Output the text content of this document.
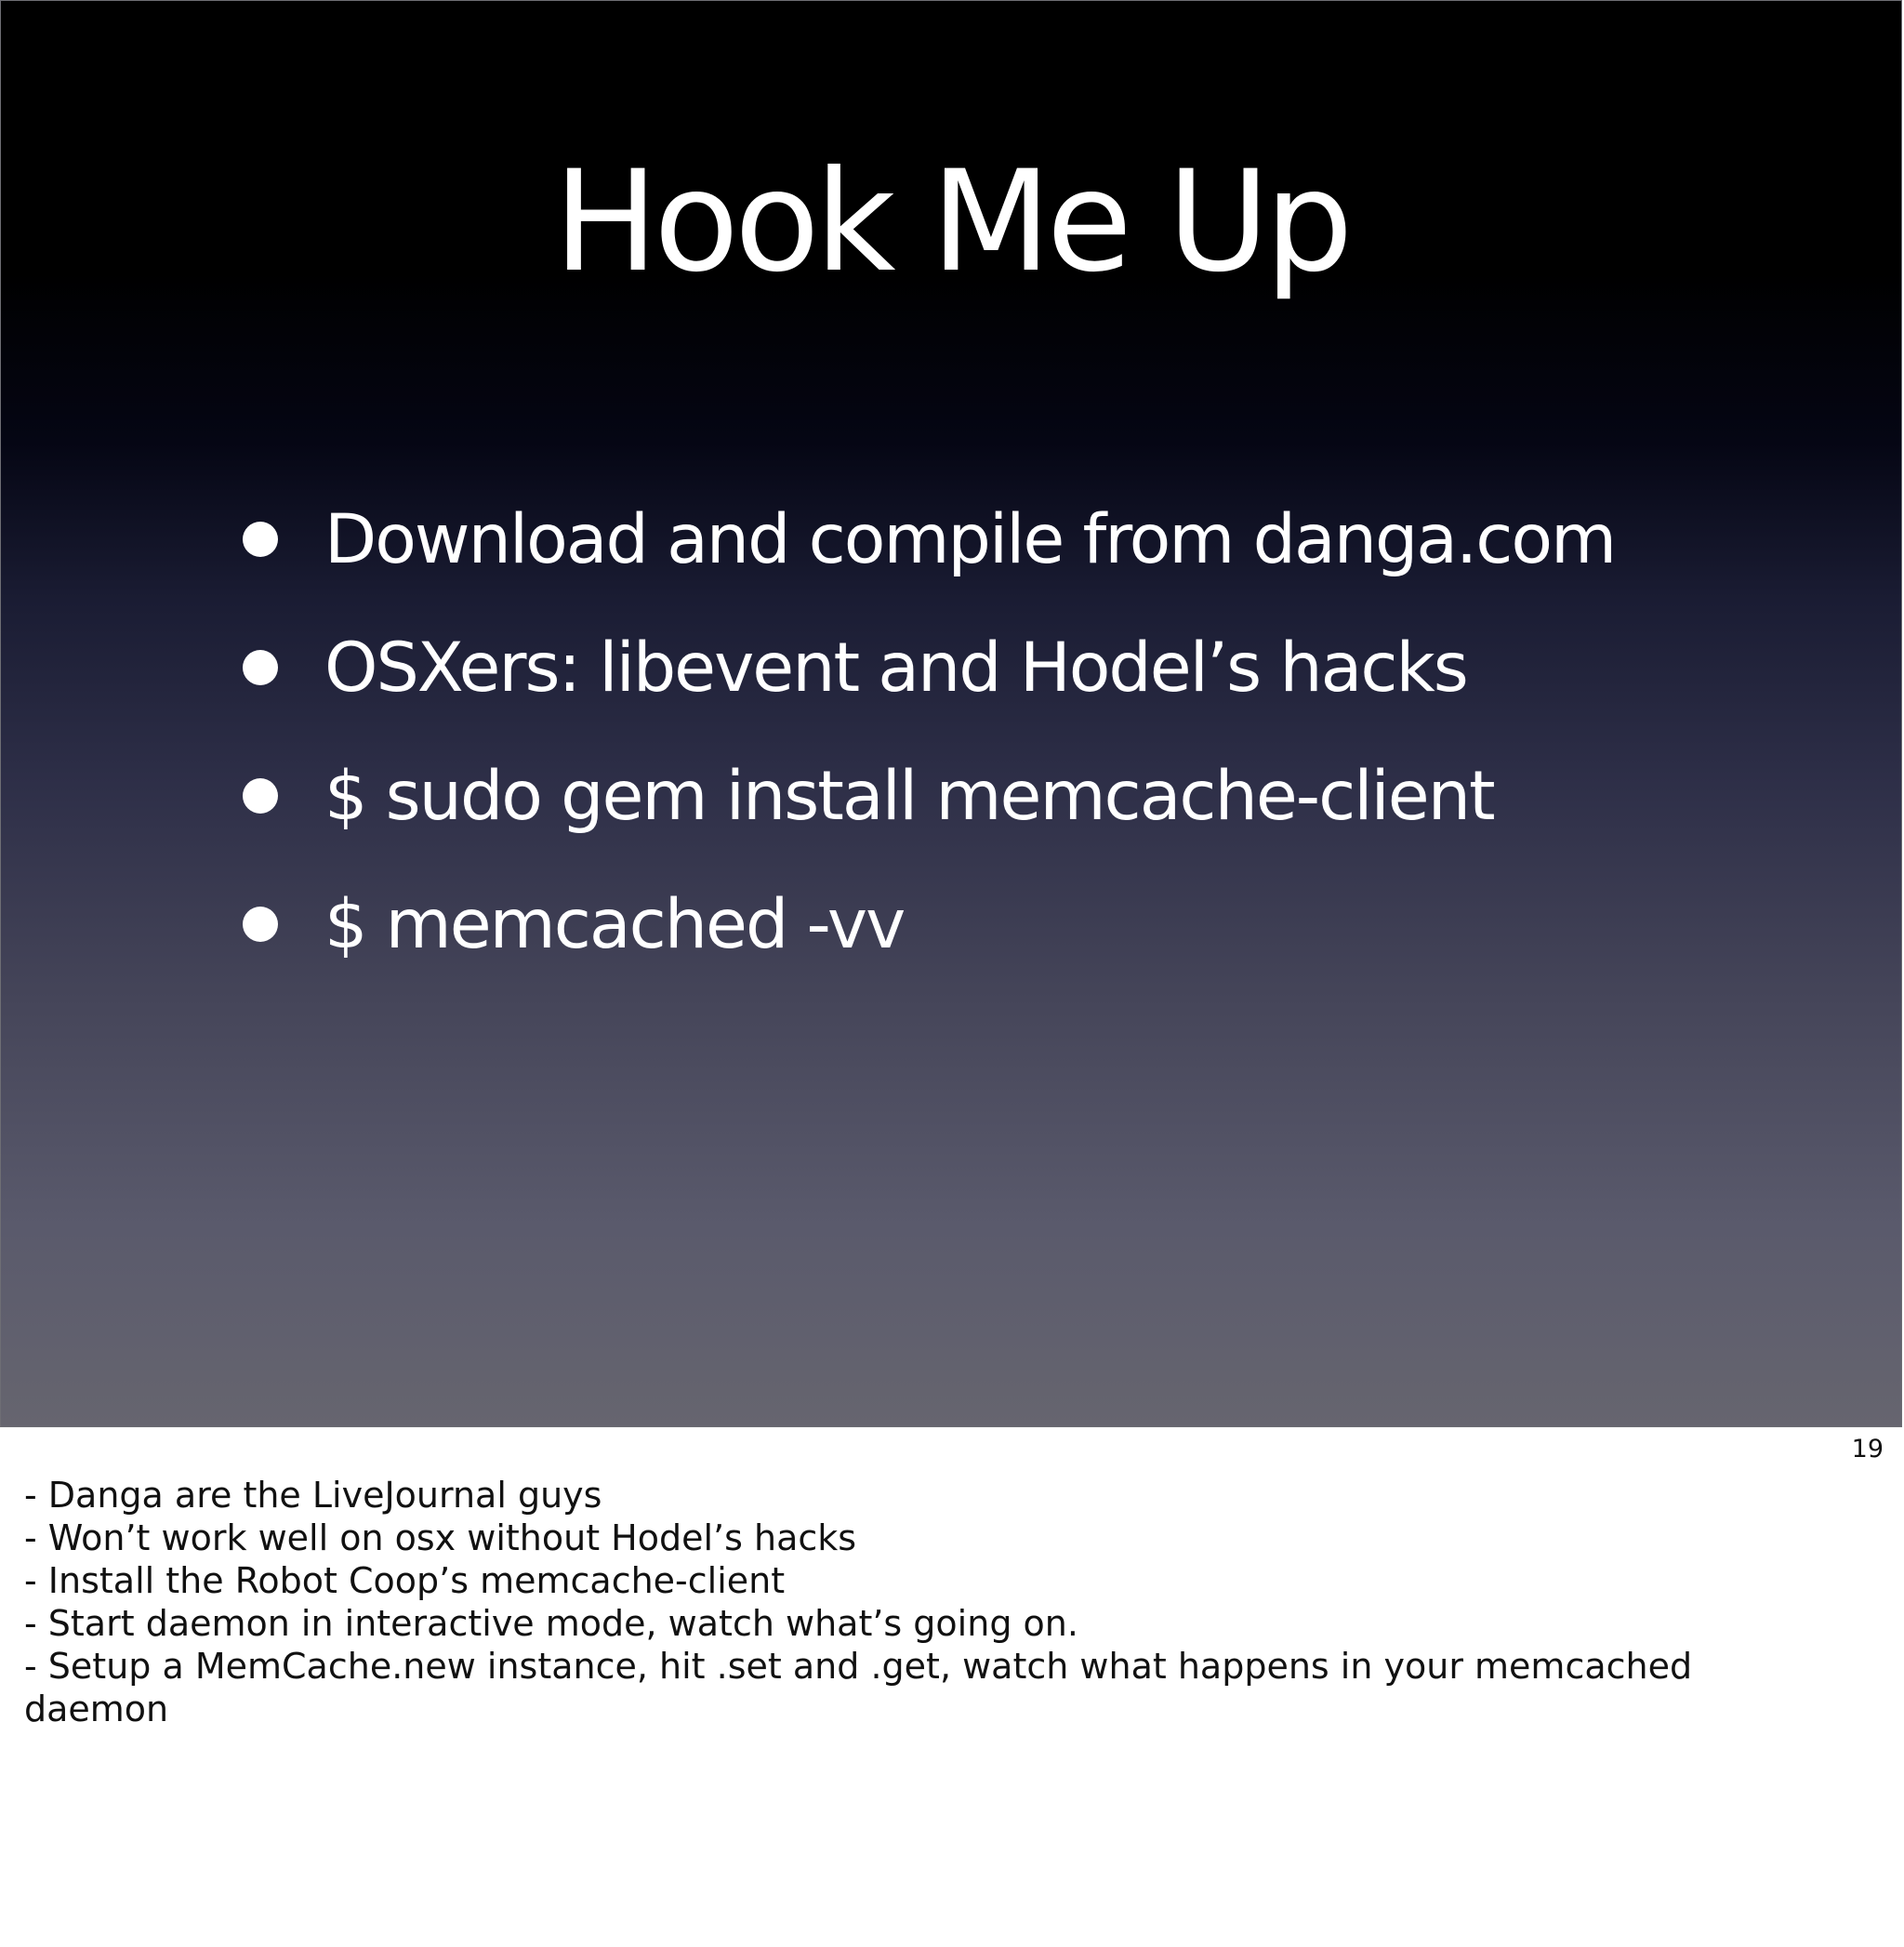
Hook Me Up
Download and compile from danga.com
OSXers: libevent and Hodel’s hacks
$ sudo gem install memcache-client
$ memcached -vv
19

- Danga are the LiveJournal guys

- Won’t work well on osx without Hodel’s hacks

- Install the Robot Coop’s memcache-client

- Start daemon in interactive mode, watch what’s going on.

- Setup a MemCache.new instance, hit .set and .get, watch what happens in your memcached daemon
